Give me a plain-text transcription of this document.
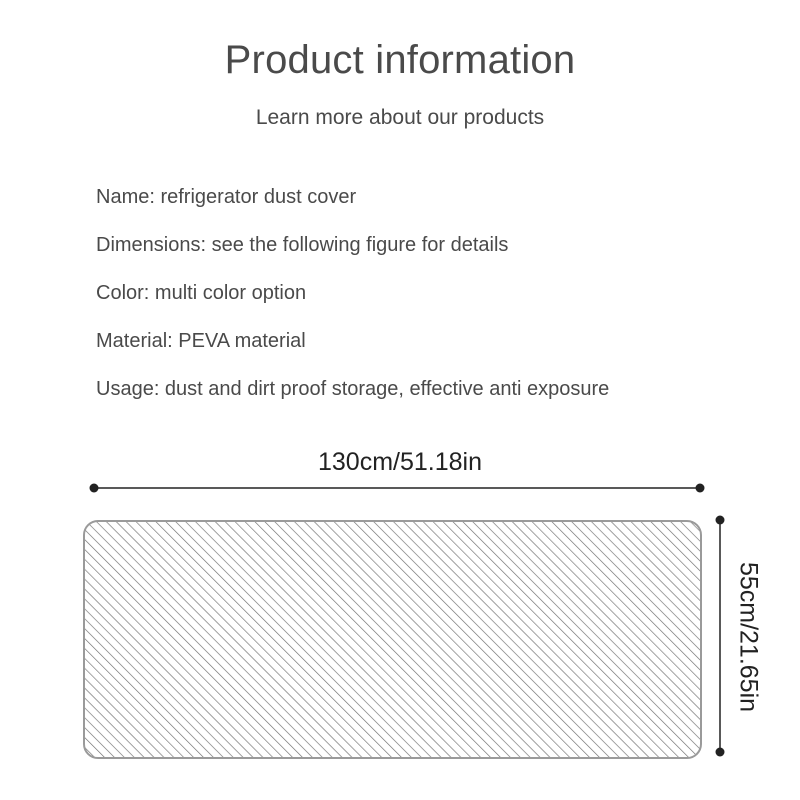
Product information
Learn more about our products
Name: refrigerator dust cover
Dimensions: see the following figure for details
Color: multi color option
Material: PEVA material
Usage: dust and dirt proof storage, effective anti exposure
130cm/51.18in
55cm/21.65in
